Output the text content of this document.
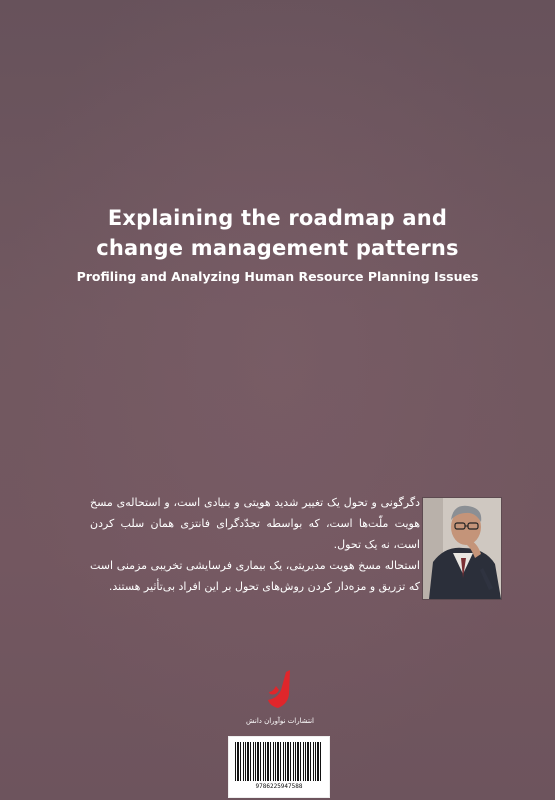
Explaining the roadmap and
change management patterns
Profiling and Analyzing Human Resource Planning Issues

دگرگونی و تحول یک تغییر شدید هویتی و بنیادی است، و استحاله‌ی مسخ هویت ملّت‌ها است، که بواسطه تجدّدگرای فانتزی همان سلب کردن است، نه یک تحول.

استحاله مسخ هویت مدیریتی، یک بیماری فرسایشی تخریبی مزمنی است که تزریق و مزه‌دار کردن روش‌های تحول بر این افراد بی‌تأثیر هستند.

انتشارات نوآوران دانش
9786225947588
